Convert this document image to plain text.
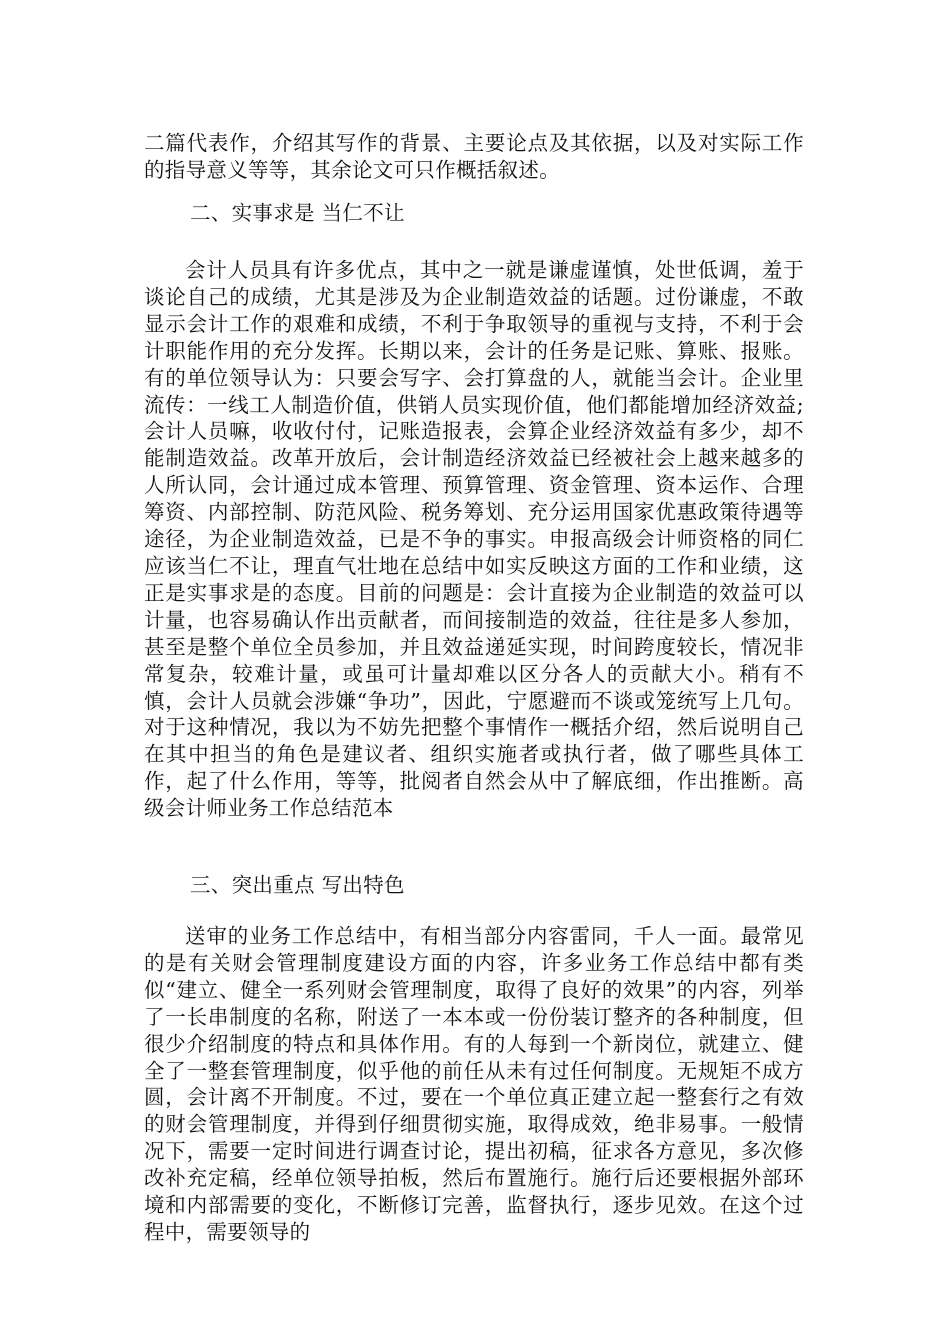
二篇代表作，介绍其写作的背景、主要论点及其依据，以及对实际工作的指导意义等等，其余论文可只作概括叙述。

二、实事求是 当仁不让

会计人员具有许多优点，其中之一就是谦虚谨慎，处世低调，羞于谈论自己的成绩，尤其是涉及为企业制造效益的话题。过份谦虚，不敢显示会计工作的艰难和成绩，不利于争取领导的重视与支持，不利于会计职能作用的充分发挥。长期以来，会计的任务是记账、算账、报账。有的单位领导认为：只要会写字、会打算盘的人，就能当会计。企业里流传：一线工人制造价值，供销人员实现价值，他们都能增加经济效益;会计人员嘛，收收付付，记账造报表，会算企业经济效益有多少，却不能制造效益。改革开放后，会计制造经济效益已经被社会上越来越多的人所认同，会计通过成本管理、预算管理、资金管理、资本运作、合理筹资、内部控制、防范风险、税务筹划、充分运用国家优惠政策待遇等途径，为企业制造效益，已是不争的事实。申报高级会计师资格的同仁应该当仁不让，理直气壮地在总结中如实反映这方面的工作和业绩，这正是实事求是的态度。目前的问题是：会计直接为企业制造的效益可以计量，也容易确认作出贡献者，而间接制造的效益，往往是多人参加，甚至是整个单位全员参加，并且效益递延实现，时间跨度较长，情况非常复杂，较难计量，或虽可计量却难以区分各人的贡献大小。稍有不慎，会计人员就会涉嫌“争功”，因此，宁愿避而不谈或笼统写上几句。对于这种情况，我以为不妨先把整个事情作一概括介绍，然后说明自己在其中担当的角色是建议者、组织实施者或执行者，做了哪些具体工作，起了什么作用，等等，批阅者自然会从中了解底细，作出推断。高级会计师业务工作总结范本

三、突出重点 写出特色

送审的业务工作总结中，有相当部分内容雷同，千人一面。最常见的是有关财会管理制度建设方面的内容，许多业务工作总结中都有类似“建立、健全一系列财会管理制度，取得了良好的效果”的内容，列举了一长串制度的名称，附送了一本本或一份份装订整齐的各种制度，但很少介绍制度的特点和具体作用。有的人每到一个新岗位，就建立、健全了一整套管理制度，似乎他的前任从未有过任何制度。无规矩不成方圆，会计离不开制度。不过，要在一个单位真正建立起一整套行之有效的财会管理制度，并得到仔细贯彻实施，取得成效，绝非易事。一般情况下，需要一定时间进行调查讨论，提出初稿，征求各方意见，多次修改补充定稿，经单位领导拍板，然后布置施行。施行后还要根据外部环境和内部需要的变化，不断修订完善，监督执行，逐步见效。在这个过程中，需要领导的
